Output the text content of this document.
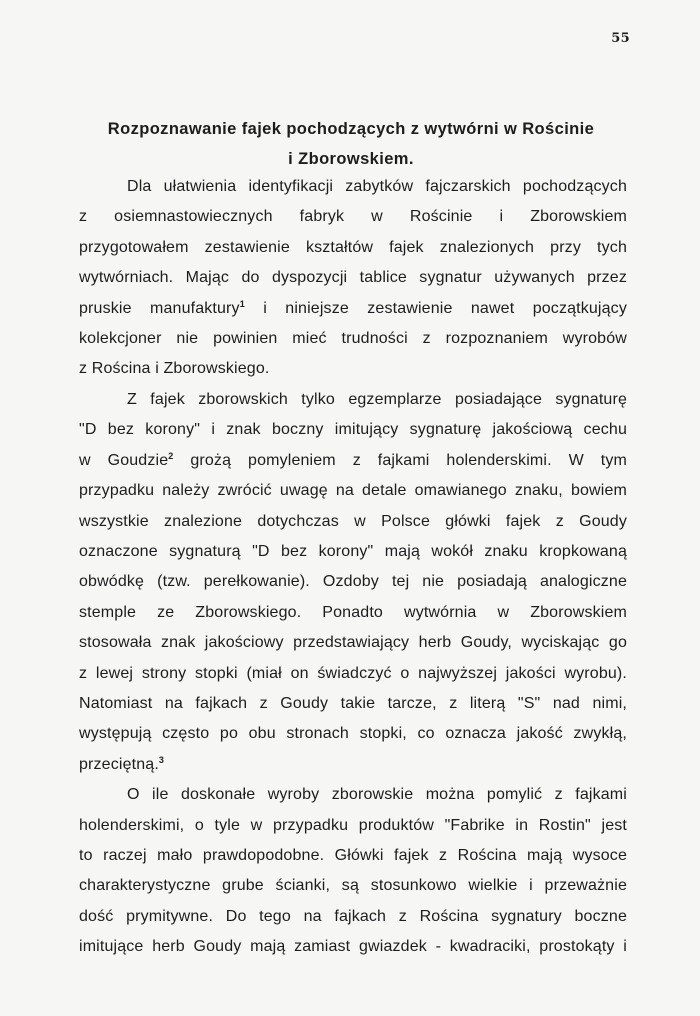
55
Rozpoznawanie fajek pochodzących z wytwórni w Rościnie
i Zborowskiem.
Dla ułatwienia identyfikacji zabytków fajczarskich pochodzących
z osiemnastowiecznych fabryk w Rościnie i Zborowskiem
przygotowałem zestawienie kształtów fajek znalezionych przy tych
wytwórniach. Mając do dyspozycji tablice sygnatur używanych przez
pruskie manufaktury$^1$ i niniejsze zestawienie nawet początkujący
kolekcjoner nie powinien mieć trudności z rozpoznaniem wyrobów
z Rościna i Zborowskiego.
Z fajek zborowskich tylko egzemplarze posiadające sygnaturę
"D bez korony" i znak boczny imitujący sygnaturę jakościową cechu
w Goudzie$^2$ grożą pomyleniem z fajkami holenderskimi. W tym
przypadku należy zwrócić uwagę na detale omawianego znaku, bowiem
wszystkie znalezione dotychczas w Polsce główki fajek z Goudy
oznaczone sygnaturą "D bez korony" mają wokół znaku kropkowaną
obwódkę (tzw. perełkowanie). Ozdoby tej nie posiadają analogiczne
stemple ze Zborowskiego. Ponadto wytwórnia w Zborowskiem
stosowała znak jakościowy przedstawiający herb Goudy, wyciskając go
z lewej strony stopki (miał on świadczyć o najwyższej jakości wyrobu).
Natomiast na fajkach z Goudy takie tarcze, z literą "S" nad nimi,
występują często po obu stronach stopki, co oznacza jakość zwykłą,
przeciętną.$^3$
O ile doskonałe wyroby zborowskie można pomylić z fajkami
holenderskimi, o tyle w przypadku produktów "Fabrike in Rostin" jest
to raczej mało prawdopodobne. Główki fajek z Rościna mają wysoce
charakterystyczne grube ścianki, są stosunkowo wielkie i przeważnie
dość prymitywne. Do tego na fajkach z Rościna sygnatury boczne
imitujące herb Goudy mają zamiast gwiazdek - kwadraciki, prostokąty i
